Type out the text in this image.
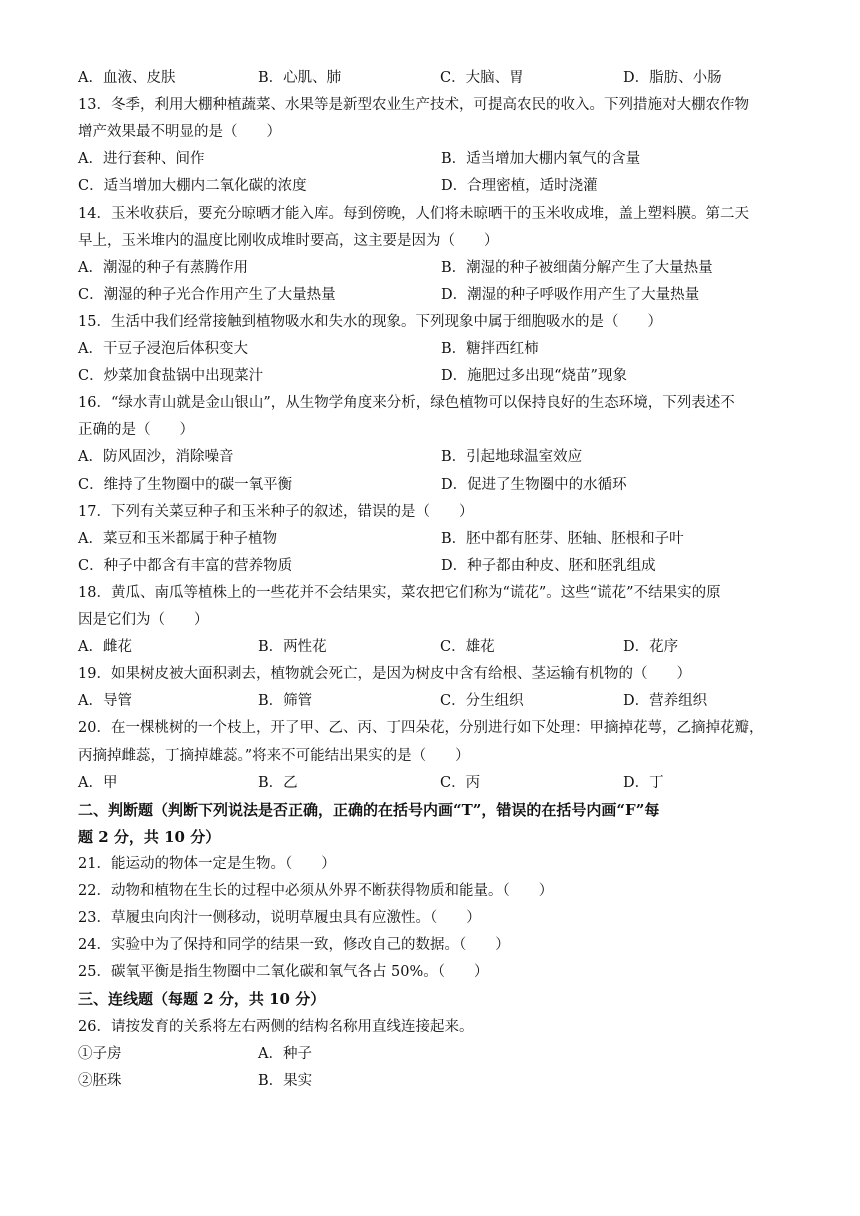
A．血液、皮肤	B．心肌、肺	C．大脑、胃	D．脂肪、小肠
13．冬季，利用大棚种植蔬菜、水果等是新型农业生产技术，可提高农民的收入。下列措施对大棚农作物
增产效果最不明显的是（　　）
A．进行套种、间作	B．适当增加大棚内氧气的含量
C．适当增加大棚内二氧化碳的浓度	D．合理密植，适时浇灌
14．玉米收获后，要充分晾晒才能入库。每到傍晚，人们将未晾晒干的玉米收成堆，盖上塑料膜。第二天
早上，玉米堆内的温度比刚收成堆时要高，这主要是因为（　　）
A．潮湿的种子有蒸腾作用	B．潮湿的种子被细菌分解产生了大量热量
C．潮湿的种子光合作用产生了大量热量	D．潮湿的种子呼吸作用产生了大量热量
15．生活中我们经常接触到植物吸水和失水的现象。下列现象中属于细胞吸水的是（　　）
A．干豆子浸泡后体积变大	B．糖拌西红柿
C．炒菜加食盐锅中出现菜汁	D．施肥过多出现“烧苗”现象
16．“绿水青山就是金山银山”，从生物学角度来分析，绿色植物可以保持良好的生态环境，下列表述不
正确的是（　　）
A．防风固沙，消除噪音	B．引起地球温室效应
C．维持了生物圈中的碳一氧平衡	D．促进了生物圈中的水循环
17．下列有关菜豆种子和玉米种子的叙述，错误的是（　　）
A．菜豆和玉米都属于种子植物	B．胚中都有胚芽、胚轴、胚根和子叶
C．种子中都含有丰富的营养物质	D．种子都由种皮、胚和胚乳组成
18．黄瓜、南瓜等植株上的一些花并不会结果实，菜农把它们称为“谎花”。这些“谎花”不结果实的原
因是它们为（　　）
A．雌花	B．两性花	C．雄花	D．花序
19．如果树皮被大面积剥去，植物就会死亡，是因为树皮中含有给根、茎运输有机物的（　　）
A．导管	B．筛管	C．分生组织	D．营养组织
20．在一棵桃树的一个枝上，开了甲、乙、丙、丁四朵花，分别进行如下处理：甲摘掉花萼，乙摘掉花瓣，
丙摘掉雌蕊，丁摘掉雄蕊。”将来不可能结出果实的是（　　）
A．甲	B．乙	C．丙	D．丁
二、判断题（判断下列说法是否正确，正确的在括号内画“T”，错误的在括号内画“F”每
题 2 分，共 10 分）
21．能运动的物体一定是生物。（　　）
22．动物和植物在生长的过程中必须从外界不断获得物质和能量。（　　）
23．草履虫向肉汁一侧移动，说明草履虫具有应激性。（　　）
24．实验中为了保持和同学的结果一致，修改自己的数据。（　　）
25．碳氧平衡是指生物圈中二氧化碳和氧气各占 50%。（　　）
三、连线题（每题 2 分，共 10 分）
26．请按发育的关系将左右两侧的结构名称用直线连接起来。
①子房	A．种子
②胚珠	B．果实
